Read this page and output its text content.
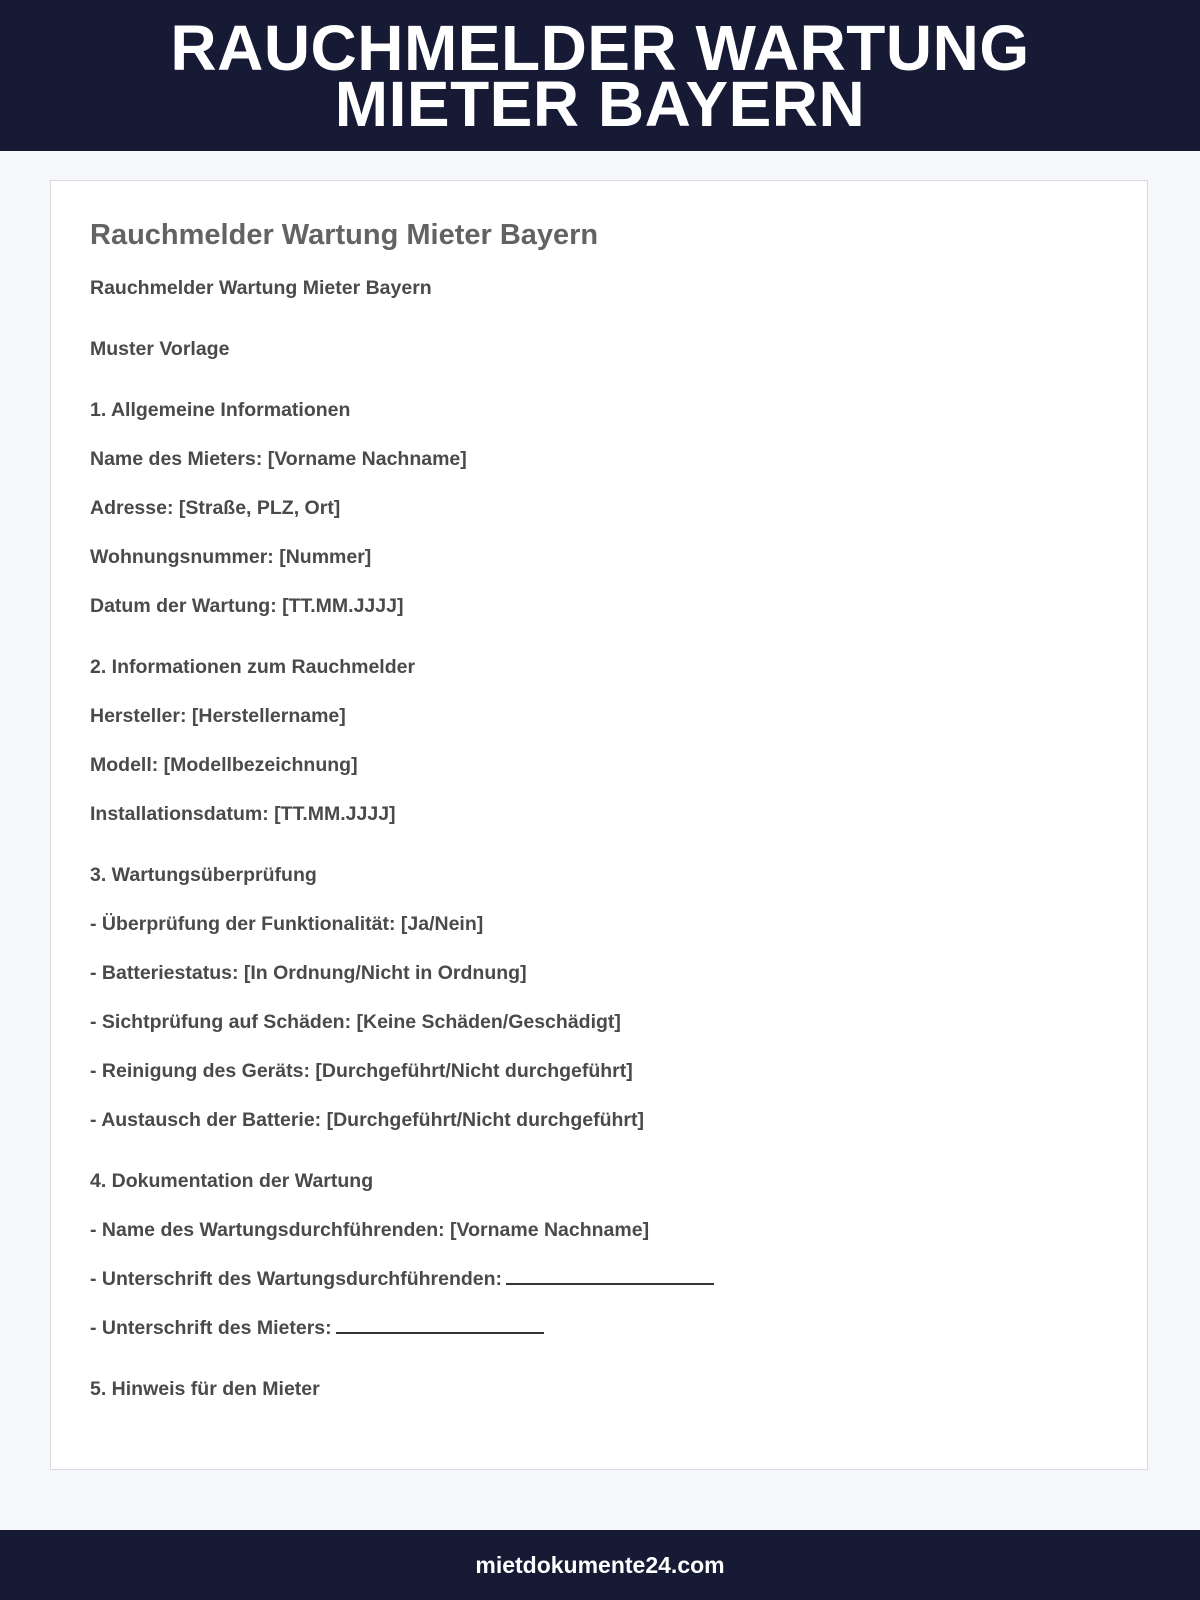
RAUCHMELDER WARTUNG
MIETER BAYERN
Rauchmelder Wartung Mieter Bayern

Rauchmelder Wartung Mieter Bayern

Muster Vorlage

1. Allgemeine Informationen

Name des Mieters: [Vorname Nachname]

Adresse: [Straße, PLZ, Ort]

Wohnungsnummer: [Nummer]

Datum der Wartung: [TT.MM.JJJJ]

2. Informationen zum Rauchmelder

Hersteller: [Herstellername]

Modell: [Modellbezeichnung]

Installationsdatum: [TT.MM.JJJJ]

3. Wartungsüberprüfung

- Überprüfung der Funktionalität: [Ja/Nein]

- Batteriestatus: [In Ordnung/Nicht in Ordnung]

- Sichtprüfung auf Schäden: [Keine Schäden/Geschädigt]

- Reinigung des Geräts: [Durchgeführt/Nicht durchgeführt]

- Austausch der Batterie: [Durchgeführt/Nicht durchgeführt]

4. Dokumentation der Wartung

- Name des Wartungsdurchführenden: [Vorname Nachname]

- Unterschrift des Wartungsdurchführenden:
- Unterschrift des Mieters:

5. Hinweis für den Mieter

mietdokumente24.com
